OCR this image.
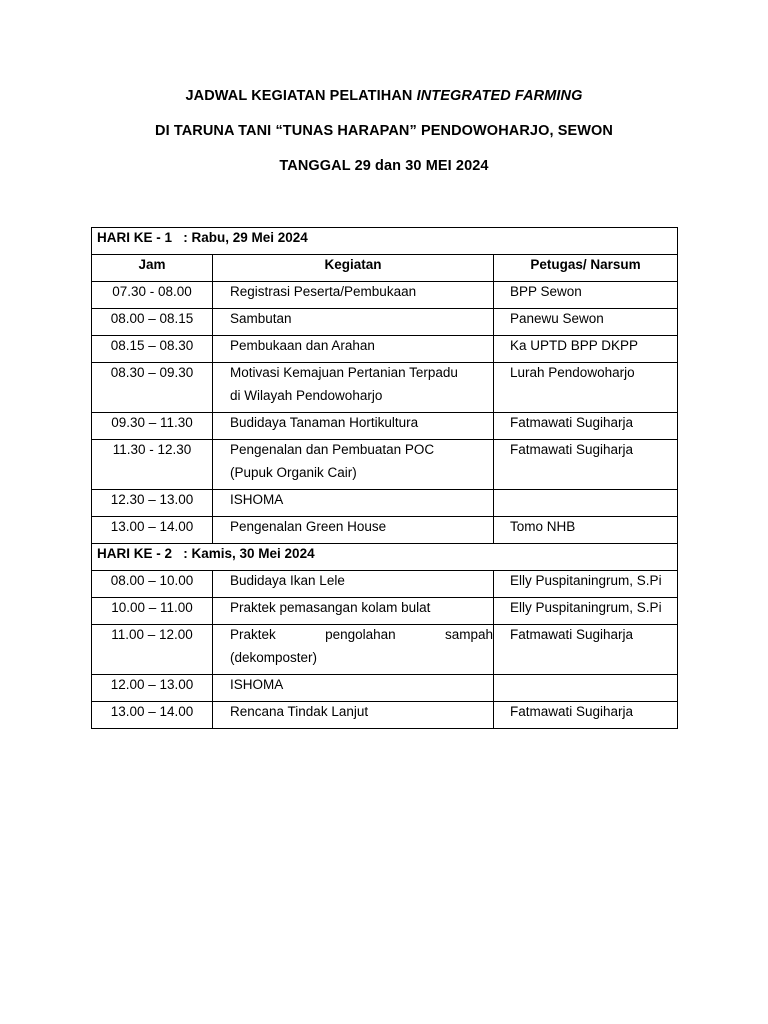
JADWAL KEGIATAN PELATIHAN INTEGRATED FARMING
DI TARUNA TANI “TUNAS HARAPAN” PENDOWOHARJO, SEWON
TANGGAL 29 dan 30 MEI 2024
HARI KE - 1   : Rabu, 29 Mei 2024		
Jam	Kegiatan	Petugas/ Narsum
07.30 - 08.00	Registrasi Peserta/Pembukaan	BPP Sewon
08.00 – 08.15	Sambutan	Panewu Sewon
08.15 – 08.30	Pembukaan dan Arahan	Ka UPTD BPP DKPP
08.30 – 09.30	Motivasi Kemajuan Pertanian Terpadu
di Wilayah Pendowoharjo	Lurah Pendowoharjo
09.30 – 11.30	Budidaya Tanaman Hortikultura	Fatmawati Sugiharja
11.30 - 12.30	Pengenalan dan Pembuatan POC
(Pupuk Organik Cair)	Fatmawati Sugiharja
12.30 – 13.00	ISHOMA	

13.00 – 14.00	Pengenalan Green House	Tomo NHB
HARI KE - 2   : Kamis, 30 Mei 2024		
08.00 – 10.00	Budidaya Ikan Lele	Elly Puspitaningrum, S.Pi
10.00 – 11.00	Praktek pemasangan kolam bulat	Elly Puspitaningrum, S.Pi
11.00 – 12.00	Praktek pengolahan sampah
(dekomposter)	Fatmawati Sugiharja
12.00 – 13.00	ISHOMA	

13.00 – 14.00	Rencana Tindak Lanjut	Fatmawati Sugiharja
